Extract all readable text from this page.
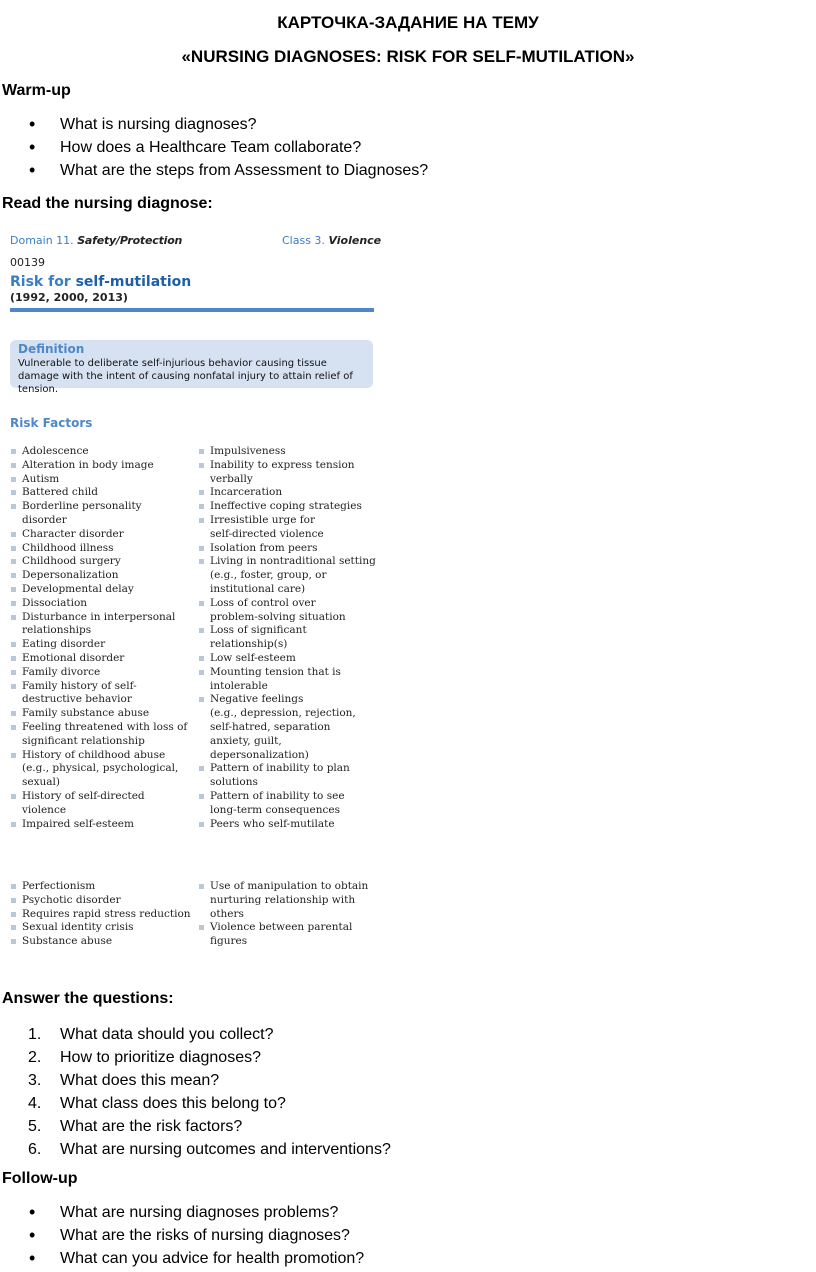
КАРТОЧКА-ЗАДАНИЕ НА ТЕМУ
«NURSING DIAGNOSES: RISK FOR SELF-MUTILATION»
Warm-up
• What is nursing diagnoses?
• How does a Healthcare Team collaborate?
• What are the steps from Assessment to Diagnoses?
Read the nursing diagnose:
Domain 11. Safety/Protection	Class 3. Violence
00139
Risk for self-mutilation
(1992, 2000, 2013)
Definition
Vulnerable to deliberate self-injurious behavior causing tissue damage with the intent of causing nonfatal injury to attain relief of tension.
Risk Factors
Adolescence
Alteration in body image
Autism
Battered child
Borderline personality
disorder
Character disorder
Childhood illness
Childhood surgery
Depersonalization
Developmental delay
Dissociation
Disturbance in interpersonal
relationships
Eating disorder
Emotional disorder
Family divorce
Family history of self-
destructive behavior
Family substance abuse
Feeling threatened with loss of
significant relationship
History of childhood abuse
(e.g., physical, psychological,
sexual)
History of self-directed
violence
Impaired self-esteem
Impulsiveness
Inability to express tension
verbally
Incarceration
Ineffective coping strategies
Irresistible urge for
self-directed violence
Isolation from peers
Living in nontraditional setting
(e.g., foster, group, or
institutional care)
Loss of control over
problem-solving situation
Loss of significant
relationship(s)
Low self-esteem
Mounting tension that is
intolerable
Negative feelings
(e.g., depression, rejection,
self-hatred, separation
anxiety, guilt,
depersonalization)
Pattern of inability to plan
solutions
Pattern of inability to see
long-term consequences
Peers who self-mutilate
Perfectionism
Psychotic disorder
Requires rapid stress reduction
Sexual identity crisis
Substance abuse
Use of manipulation to obtain
nurturing relationship with
others
Violence between parental
figures
Answer the questions:
1.	What data should you collect?
2.	How to prioritize diagnoses?
3.	What does this mean?
4.	What class does this belong to?
5.	What are the risk factors?
6.	What are nursing outcomes and interventions?
Follow-up
• What are nursing diagnoses problems?
• What are the risks of nursing diagnoses?
• What can you advice for health promotion?
